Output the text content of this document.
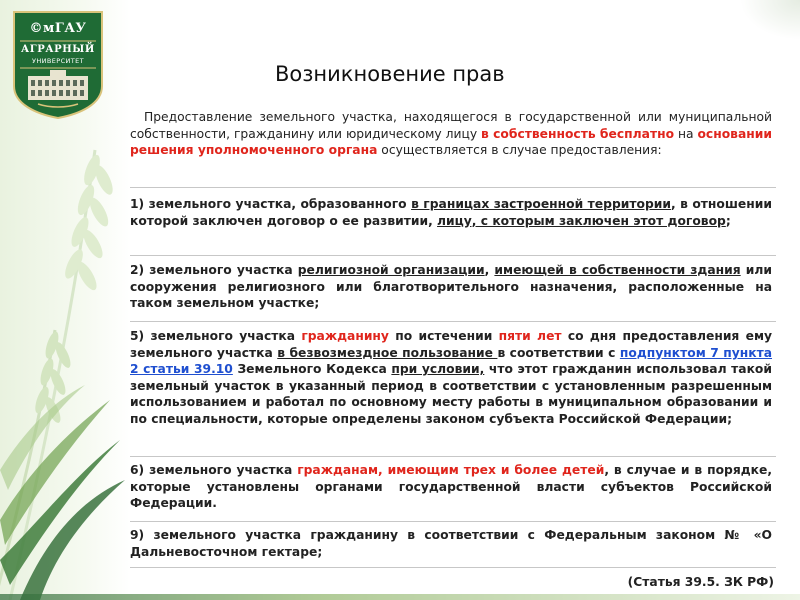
©мГАУ
АГРАРНЫЙ
УНИВЕРСИТЕТ
Возникновение прав
Предоставление земельного участка, находящегося в государственной или муниципальной собственности, гражданину или юридическому лицу в собственность бесплатно на основании решения уполномоченного органа осуществляется в случае предоставления:
1) земельного участка, образованного в границах застроенной территории, в отношении которой заключен договор о ее развитии, лицу, с которым заключен этот договор;
2) земельного участка религиозной организации, имеющей в собственности здания или сооружения религиозного или благотворительного назначения, расположенные на таком земельном участке;
5) земельного участка гражданину по истечении пяти лет со дня предоставления ему земельного участка в безвозмездное пользование в соответствии с подпунктом 7 пункта 2 статьи 39.10 Земельного Кодекса при условии, что этот гражданин использовал такой земельный участок в указанный период в соответствии с установленным разрешенным использованием и работал по основному месту работы в муниципальном образовании и по специальности, которые определены законом субъекта Российской Федерации;
6) земельного участка гражданам, имеющим трех и более детей, в случае и в порядке, которые установлены органами государственной власти субъектов Российской Федерации.
9) земельного участка гражданину в соответствии с Федеральным законом № «О Дальневосточном гектаре;
(Статья 39.5. ЗК РФ)
